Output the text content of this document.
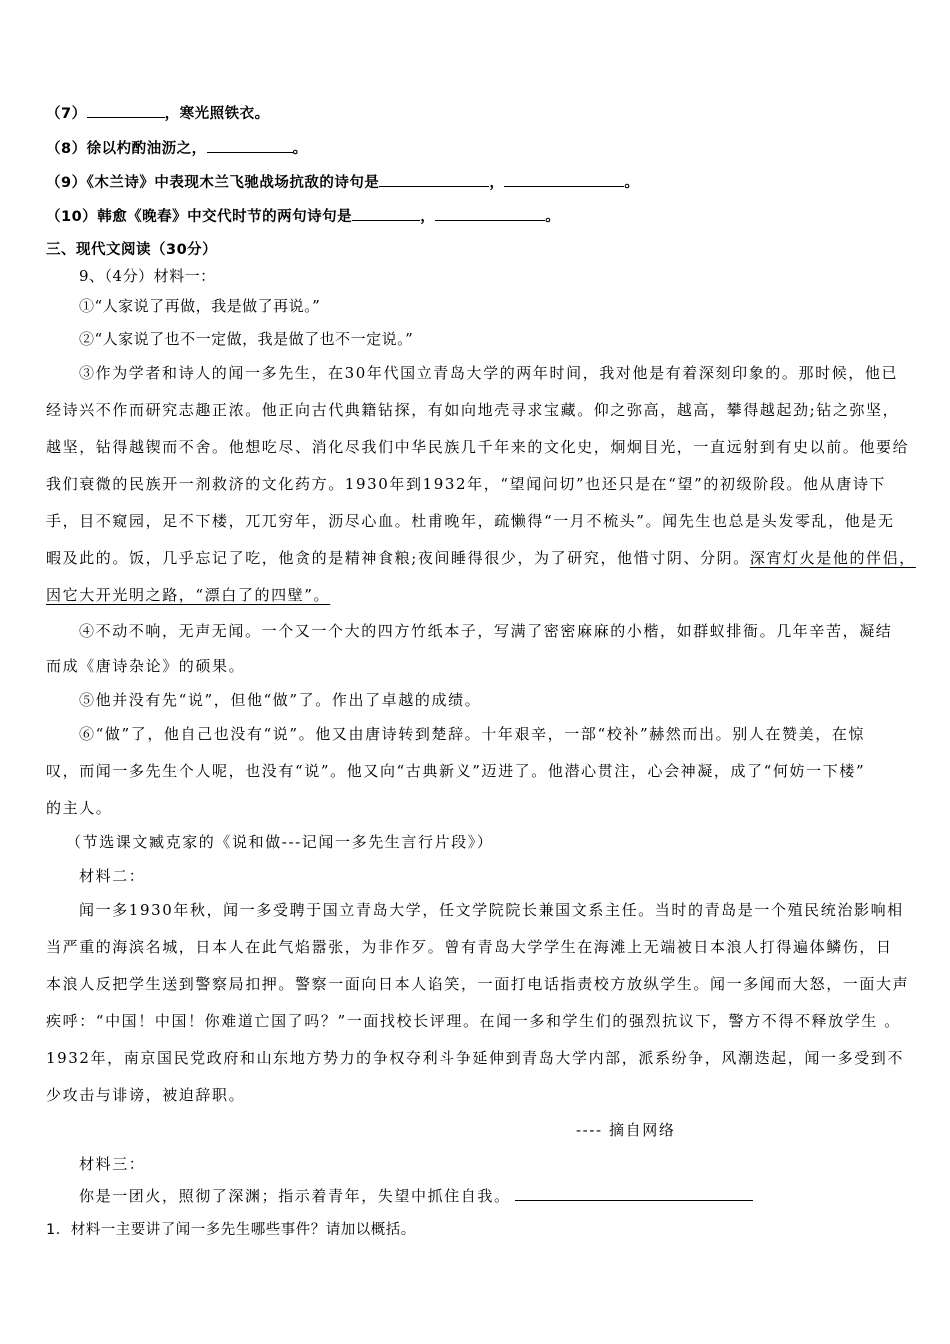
（7）	，寒光照铁衣。
（8）徐以杓酌油沥之，	。
（9）《木兰诗》中表现木兰飞驰战场抗敌的诗句是	，	。
（10）韩愈《晚春》中交代时节的两句诗句是	，	。
三、现代文阅读（30分）
9、（4分）材料一：
①“人家说了再做，我是做了再说。”
②“人家说了也不一定做，我是做了也不一定说。”
③作为学者和诗人的闻一多先生，在30年代国立青岛大学的两年时间，我对他是有着深刻印象的。那时候，他已
经诗兴不作而研究志趣正浓。他正向古代典籍钻探，有如向地壳寻求宝藏。仰之弥高，越高，攀得越起劲;钻之弥坚，
越坚，钻得越锲而不舍。他想吃尽、消化尽我们中华民族几千年来的文化史，炯炯目光，一直远射到有史以前。他要给
我们衰微的民族开一剂救济的文化药方。1930年到1932年，“望闻问切”也还只是在“望”的初级阶段。他从唐诗下
手，目不窥园，足不下楼，兀兀穷年，沥尽心血。杜甫晚年，疏懒得“一月不梳头”。闻先生也总是头发零乱，他是无
暇及此的。饭，几乎忘记了吃，他贪的是精神食粮;夜间睡得很少，为了研究，他惜寸阴、分阴。深宵灯火是他的伴侣，
因它大开光明之路，“漂白了的四壁”。
④不动不响，无声无闻。一个又一个大的四方竹纸本子，写满了密密麻麻的小楷，如群蚁排衙。几年辛苦，凝结
而成《唐诗杂论》的硕果。
⑤他并没有先“说”，但他“做”了。作出了卓越的成绩。
⑥“做”了，他自己也没有“说”。他又由唐诗转到楚辞。十年艰辛，一部“校补”赫然而出。别人在赞美，在惊
叹，而闻一多先生个人呢，也没有“说”。他又向“古典新义”迈进了。他潜心贯注，心会神凝，成了“何妨一下楼”
的主人。
（节选课文臧克家的《说和做---记闻一多先生言行片段》）
材料二：
闻一多1930年秋，闻一多受聘于国立青岛大学，任文学院院长兼国文系主任。当时的青岛是一个殖民统治影响相
当严重的海滨名城，日本人在此气焰嚣张，为非作歹。曾有青岛大学学生在海滩上无端被日本浪人打得遍体鳞伤，日
本浪人反把学生送到警察局扣押。警察一面向日本人谄笑，一面打电话指责校方放纵学生。闻一多闻而大怒，一面大声
疾呼：“中国！中国！你难道亡国了吗？”一面找校长评理。在闻一多和学生们的强烈抗议下，警方不得不释放学生 。
1932年，南京国民党政府和山东地方势力的争权夺利斗争延伸到青岛大学内部，派系纷争，风潮迭起，闻一多受到不
少攻击与诽谤，被迫辞职。
---- 摘自网络
材料三：
你是一团火，照彻了深渊；指示着青年，失望中抓住自我。
1．材料一主要讲了闻一多先生哪些事件？请加以概括。
